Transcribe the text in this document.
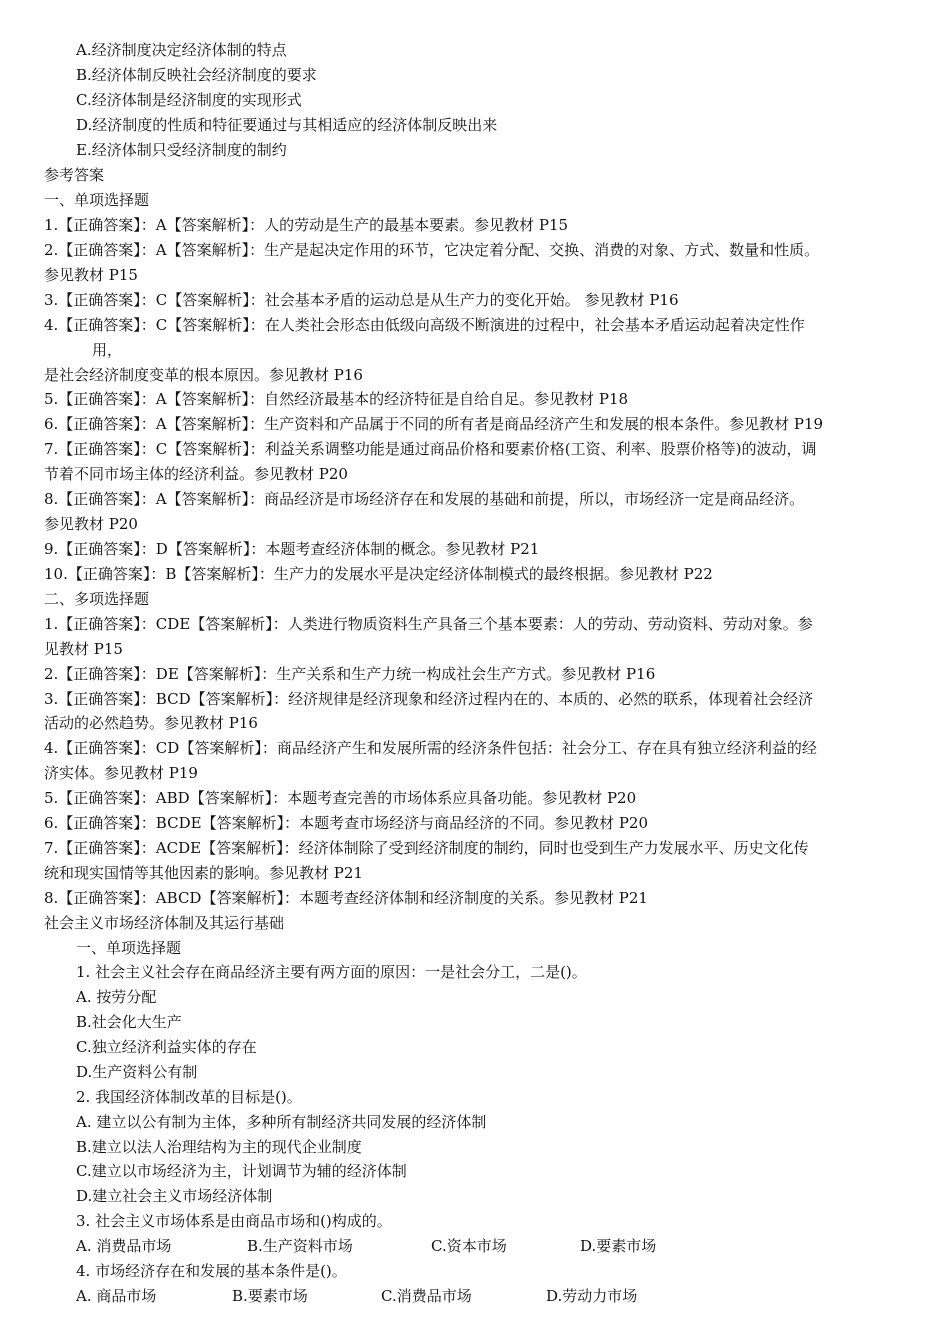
A.经济制度决定经济体制的特点
B.经济体制反映社会经济制度的要求
C.经济体制是经济制度的实现形式
D.经济制度的性质和特征要通过与其相适应的经济体制反映出来
E.经济体制只受经济制度的制约
参考答案
一、单项选择题
1.【正确答案】：A【答案解析】：人的劳动是生产的最基本要素。参见教材 P15
2.【正确答案】：A【答案解析】：生产是起决定作用的环节，它决定着分配、交换、消费的对象、方式、数量和性质。
参见教材 P15
3.【正确答案】：C【答案解析】：社会基本矛盾的运动总是从生产力的变化开始。 参见教材 P16
4.【正确答案】：C【答案解析】：在人类社会形态由低级向高级不断演进的过程中，社会基本矛盾运动起着决定性作
用，
是社会经济制度变革的根本原因。参见教材 P16
5.【正确答案】：A【答案解析】：自然经济最基本的经济特征是自给自足。参见教材 P18
6.【正确答案】：A【答案解析】：生产资料和产品属于不同的所有者是商品经济产生和发展的根本条件。参见教材 P19
7.【正确答案】：C【答案解析】：利益关系调整功能是通过商品价格和要素价格(工资、利率、股票价格等)的波动，调
节着不同市场主体的经济利益。参见教材 P20
8.【正确答案】：A【答案解析】：商品经济是市场经济存在和发展的基础和前提，所以，市场经济一定是商品经济。
参见教材 P20
9.【正确答案】：D【答案解析】：本题考查经济体制的概念。参见教材 P21
10.【正确答案】：B【答案解析】：生产力的发展水平是决定经济体制模式的最终根据。参见教材 P22
二、多项选择题
1.【正确答案】：CDE【答案解析】：人类进行物质资料生产具备三个基本要素：人的劳动、劳动资料、劳动对象。参
见教材 P15
2.【正确答案】：DE【答案解析】：生产关系和生产力统一构成社会生产方式。参见教材 P16
3.【正确答案】：BCD【答案解析】：经济规律是经济现象和经济过程内在的、本质的、必然的联系，体现着社会经济
活动的必然趋势。参见教材 P16
4.【正确答案】：CD【答案解析】：商品经济产生和发展所需的经济条件包括：社会分工、存在具有独立经济利益的经
济实体。参见教材 P19
5.【正确答案】：ABD【答案解析】：本题考查完善的市场体系应具备功能。参见教材 P20
6.【正确答案】：BCDE【答案解析】：本题考查市场经济与商品经济的不同。参见教材 P20
7.【正确答案】：ACDE【答案解析】：经济体制除了受到经济制度的制约，同时也受到生产力发展水平、历史文化传
统和现实国情等其他因素的影响。参见教材 P21
8.【正确答案】：ABCD【答案解析】：本题考查经济体制和经济制度的关系。参见教材 P21
社会主义市场经济体制及其运行基础
一、单项选择题
1. 社会主义社会存在商品经济主要有两方面的原因：一是社会分工，二是()。
A. 按劳分配
B.社会化大生产
C.独立经济利益实体的存在
D.生产资料公有制
2. 我国经济体制改革的目标是()。
A. 建立以公有制为主体，多种所有制经济共同发展的经济体制
B.建立以法人治理结构为主的现代企业制度
C.建立以市场经济为主，计划调节为辅的经济体制
D.建立社会主义市场经济体制
3. 社会主义市场体系是由商品市场和()构成的。
A. 消费品市场	B.生产资料市场	C.资本市场	D.要素市场
4. 市场经济存在和发展的基本条件是()。
A. 商品市场	B.要素市场	C.消费品市场	D.劳动力市场
